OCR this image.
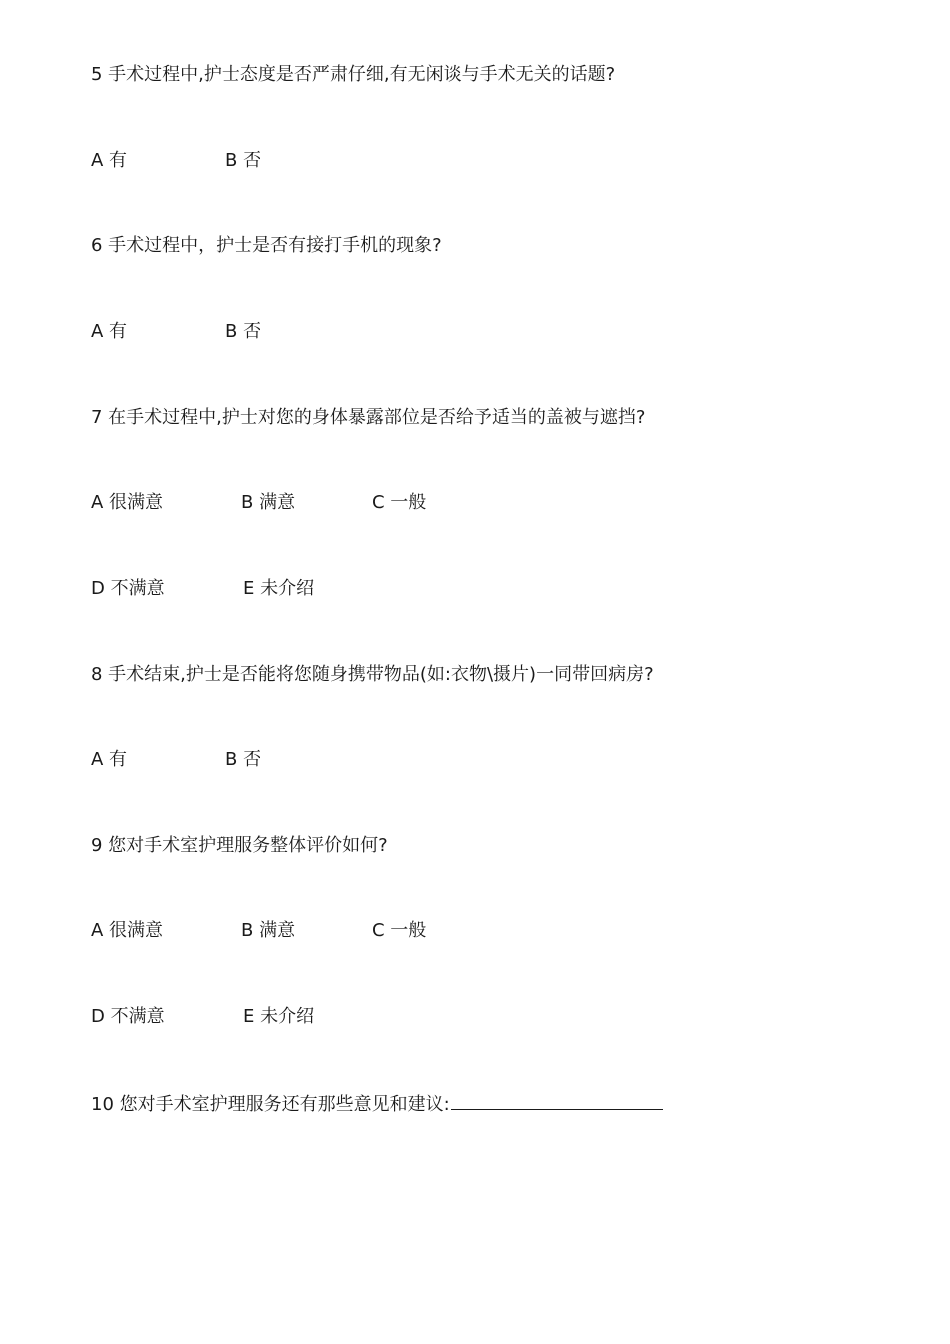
5 手术过程中,护士态度是否严肃仔细,有无闲谈与手术无关的话题?
A 有	B 否
6 手术过程中，护士是否有接打手机的现象?
A 有	B 否
7 在手术过程中,护士对您的身体暴露部位是否给予适当的盖被与遮挡?
A 很满意	B 满意	C 一般
D 不满意	E 未介绍
8 手术结束,护士是否能将您随身携带物品(如:衣物\摄片)一同带回病房?
A 有	B 否
9 您对手术室护理服务整体评价如何?
A 很满意	B 满意	C 一般
D 不满意	E 未介绍
10 您对手术室护理服务还有那些意见和建议:
